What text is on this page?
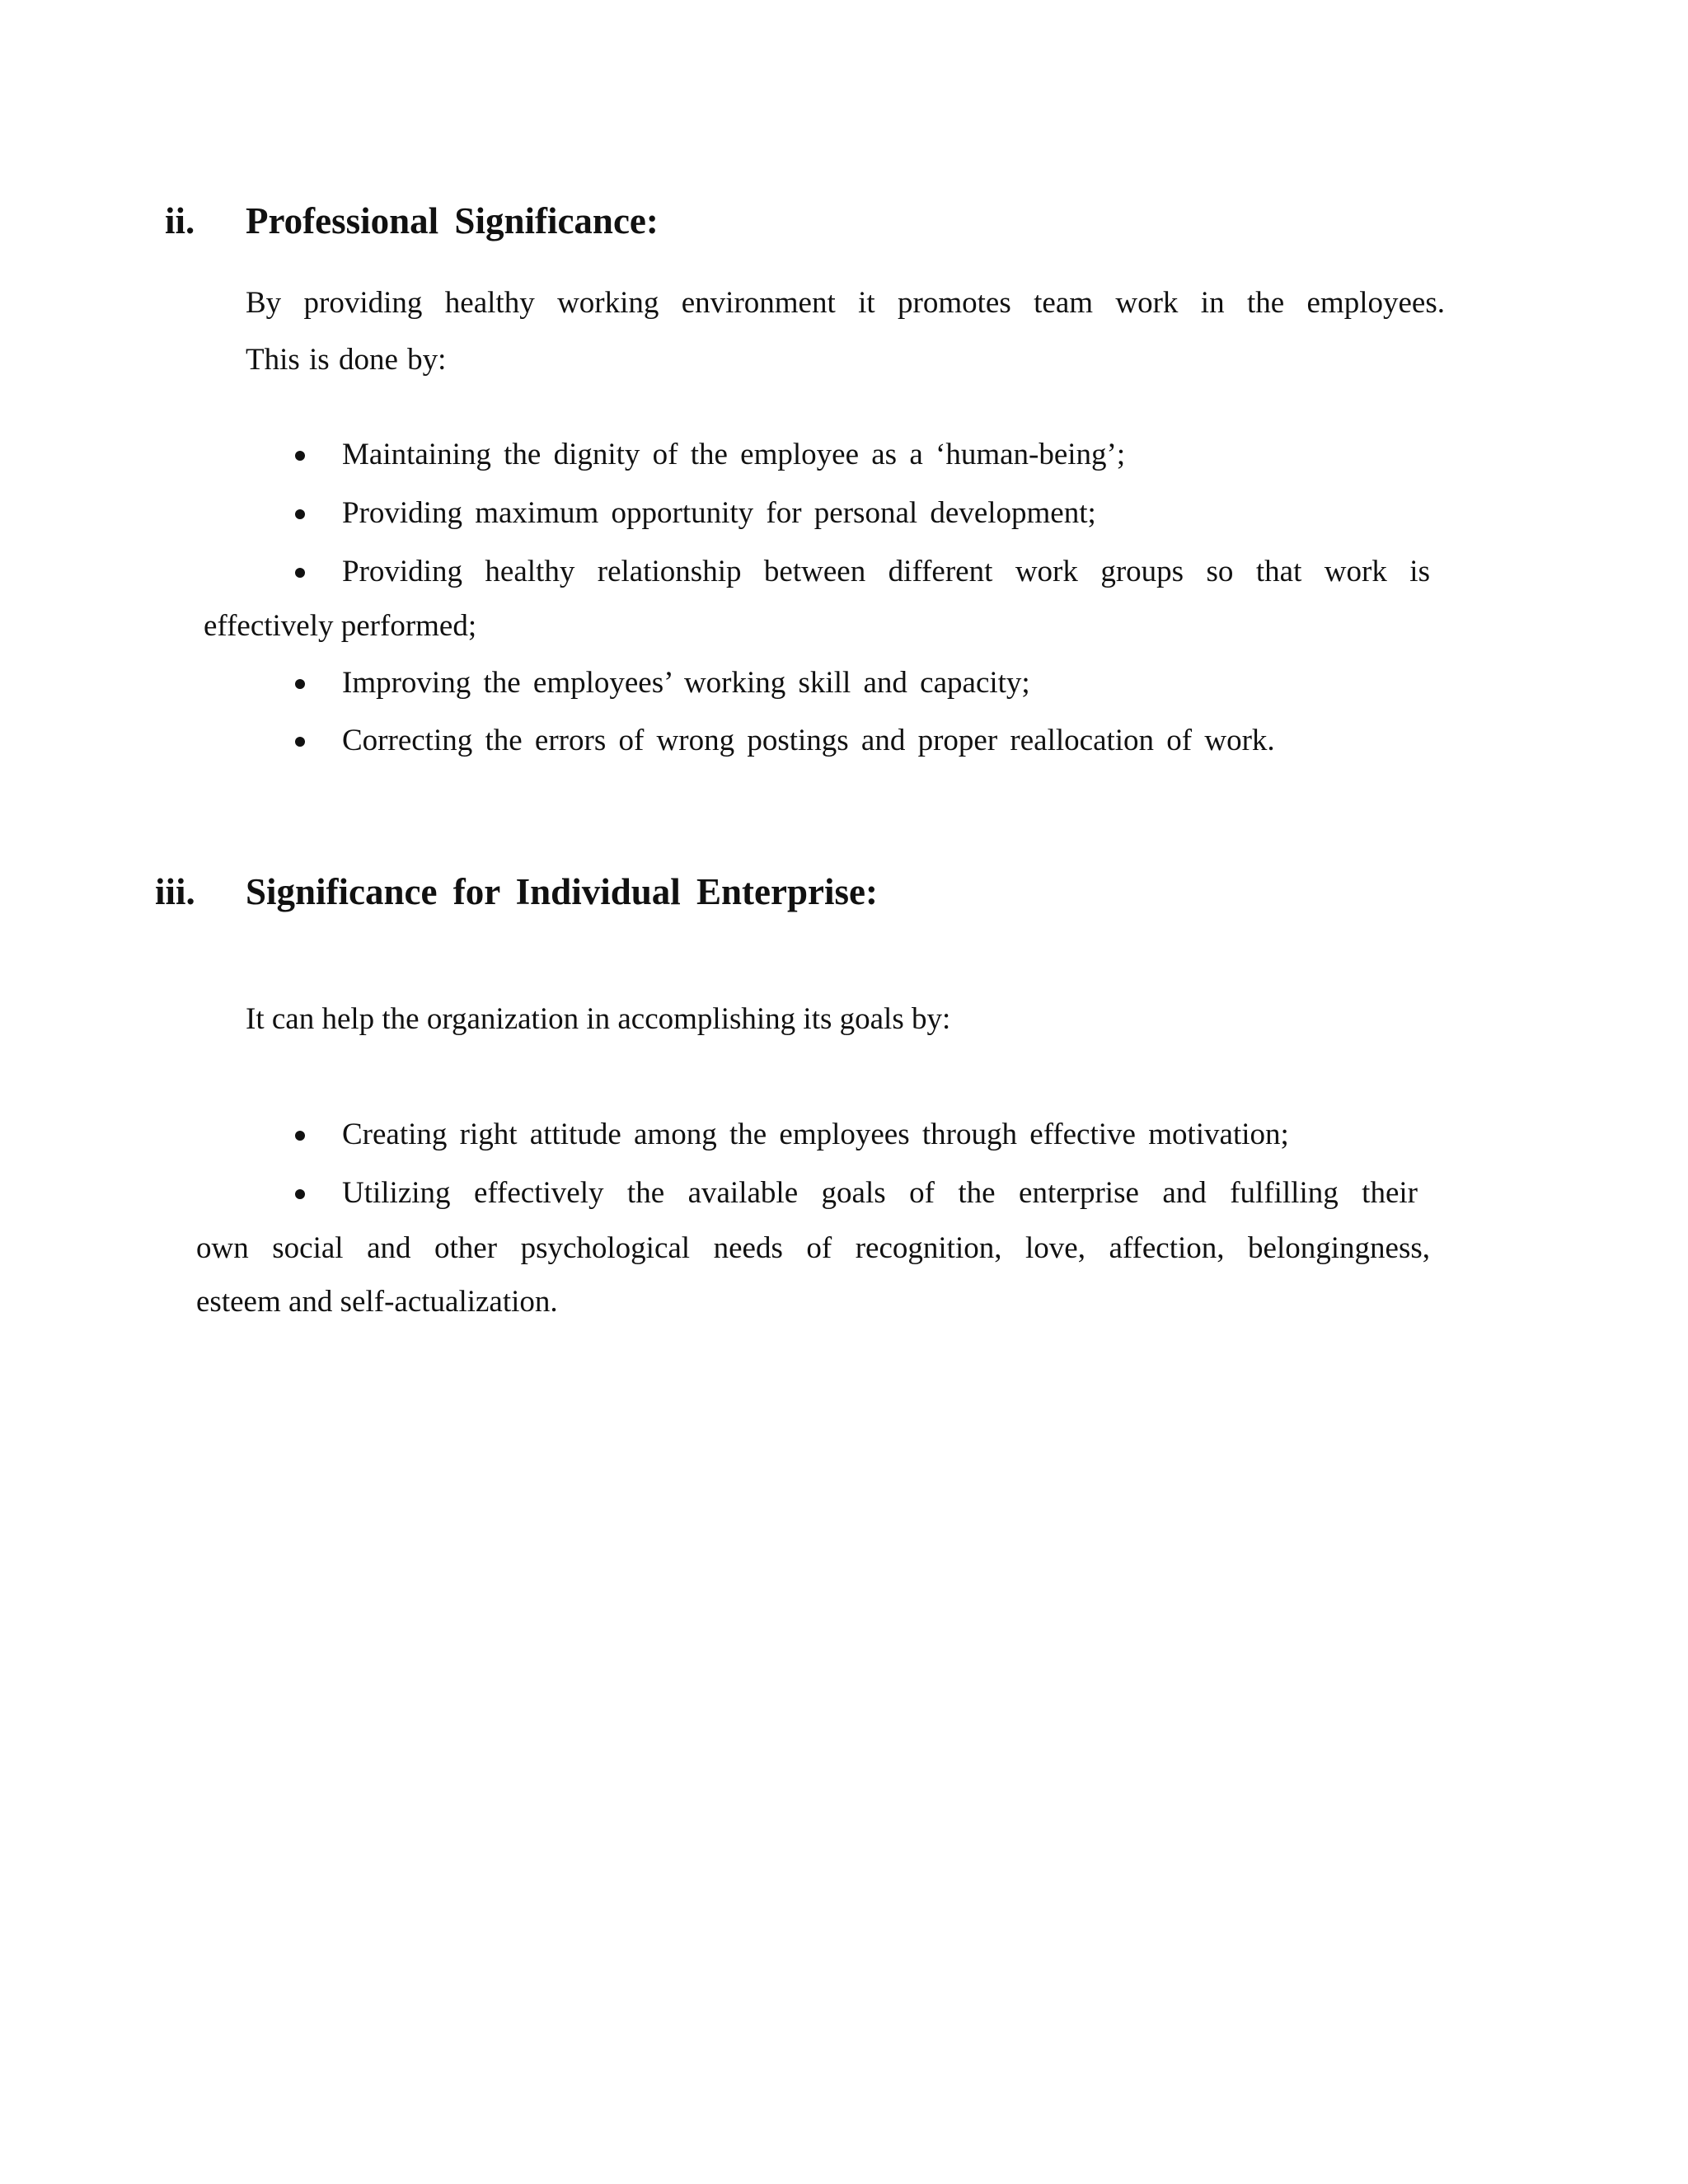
ii. Professional Significance:
By providing healthy working environment it promotes team work in the employees.
This is done by:
Maintaining the dignity of the employee as a ‘human-being’;
Providing maximum opportunity for personal development;
Providing healthy relationship between different work groups so that work is
effectively performed;
Improving the employees’ working skill and capacity;
Correcting the errors of wrong postings and proper reallocation of work.
iii. Significance for Individual Enterprise:
It can help the organization in accomplishing its goals by:
Creating right attitude among the employees through effective motivation;
Utilizing effectively the available goals of the enterprise and fulfilling their
own social and other psychological needs of recognition, love, affection, belongingness,
esteem and self-actualization.
